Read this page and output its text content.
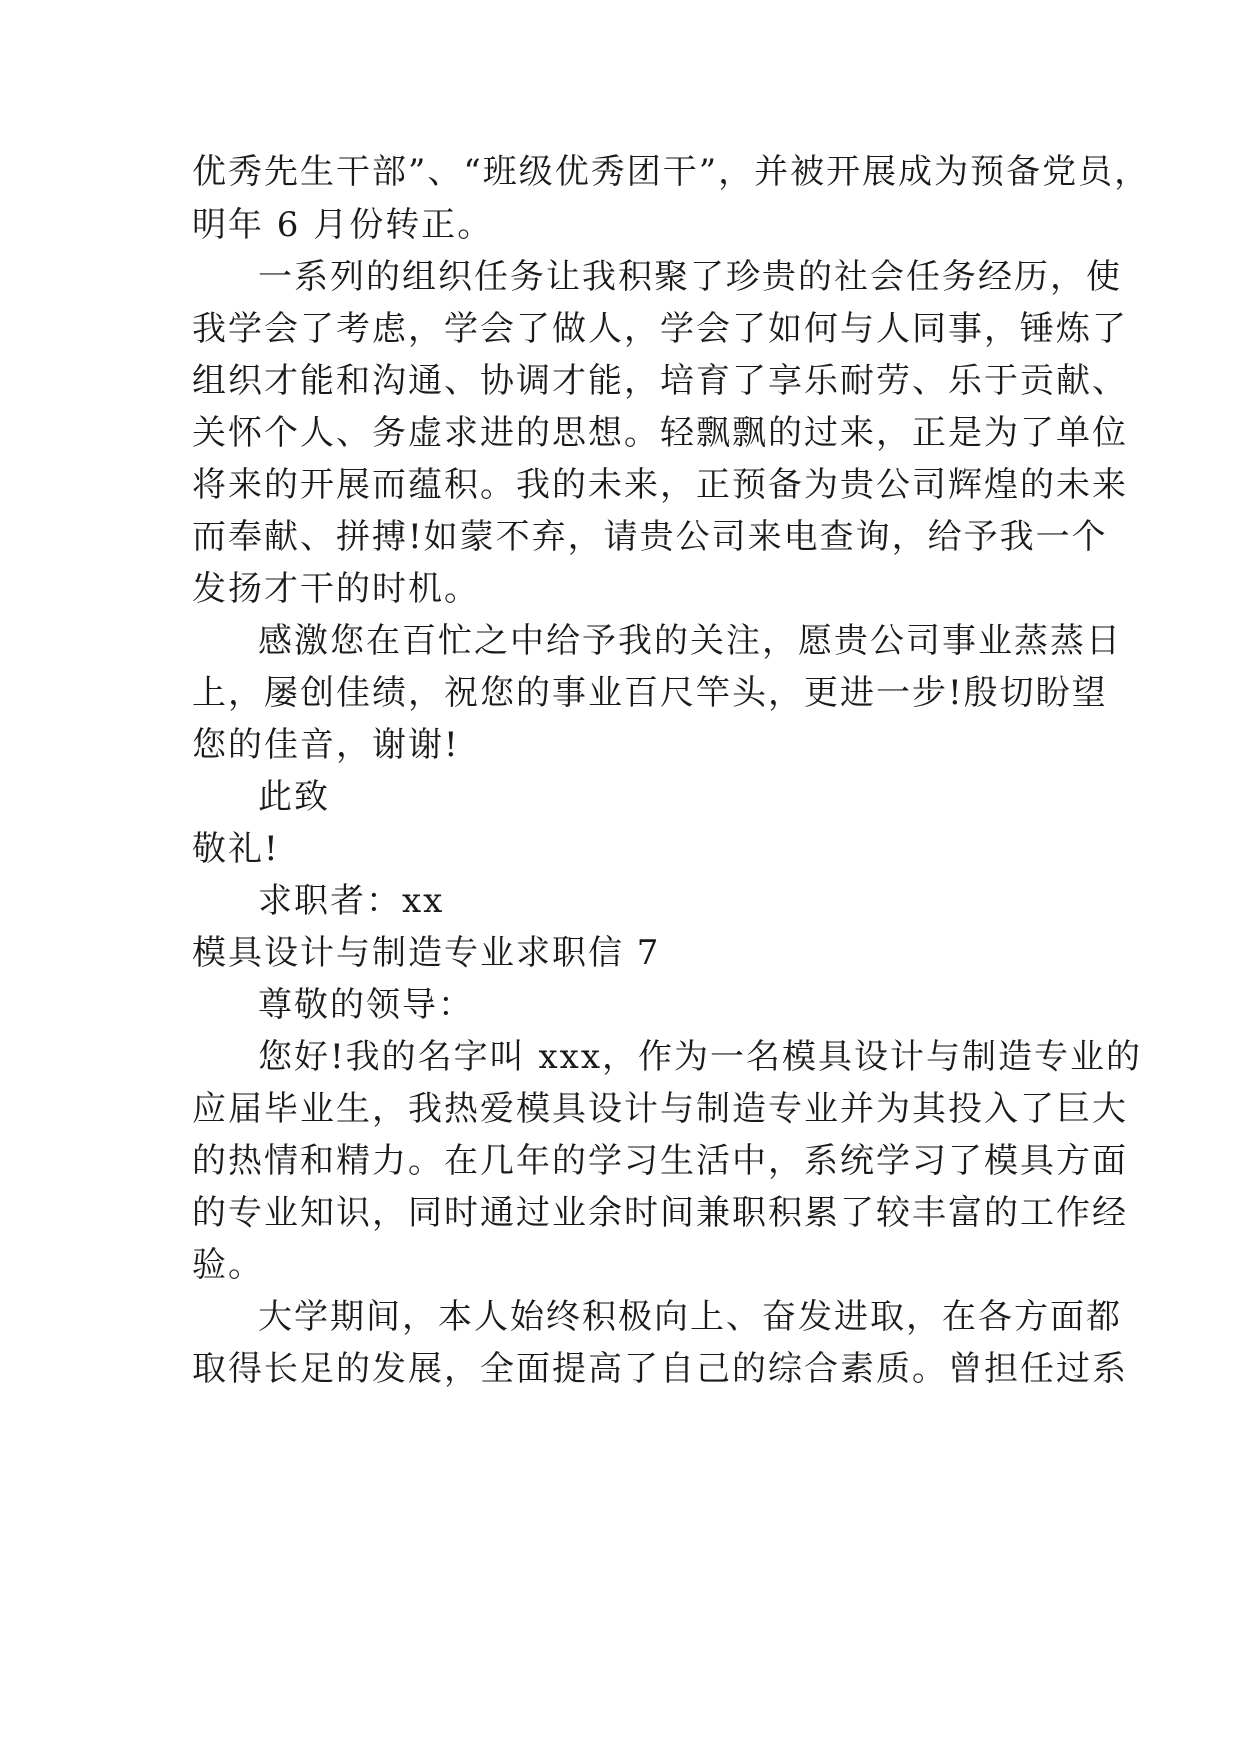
优秀先生干部”、“班级优秀团干”，并被开展成为预备党员，
明年 6 月份转正。
一系列的组织任务让我积聚了珍贵的社会任务经历，使
我学会了考虑，学会了做人，学会了如何与人同事，锤炼了
组织才能和沟通、协调才能，培育了享乐耐劳、乐于贡献、
关怀个人、务虚求进的思想。轻飘飘的过来，正是为了单位
将来的开展而蕴积。我的未来，正预备为贵公司辉煌的未来
而奉献、拼搏!如蒙不弃，请贵公司来电查询，给予我一个
发扬才干的时机。
感激您在百忙之中给予我的关注，愿贵公司事业蒸蒸日
上，屡创佳绩，祝您的事业百尺竿头，更进一步!殷切盼望
您的佳音，谢谢!
此致
敬礼!
求职者：xx
模具设计与制造专业求职信 7
尊敬的领导：
您好!我的名字叫 xxx，作为一名模具设计与制造专业的
应届毕业生，我热爱模具设计与制造专业并为其投入了巨大
的热情和精力。在几年的学习生活中，系统学习了模具方面
的专业知识，同时通过业余时间兼职积累了较丰富的工作经
验。
大学期间，本人始终积极向上、奋发进取，在各方面都
取得长足的发展，全面提高了自己的综合素质。曾担任过系
